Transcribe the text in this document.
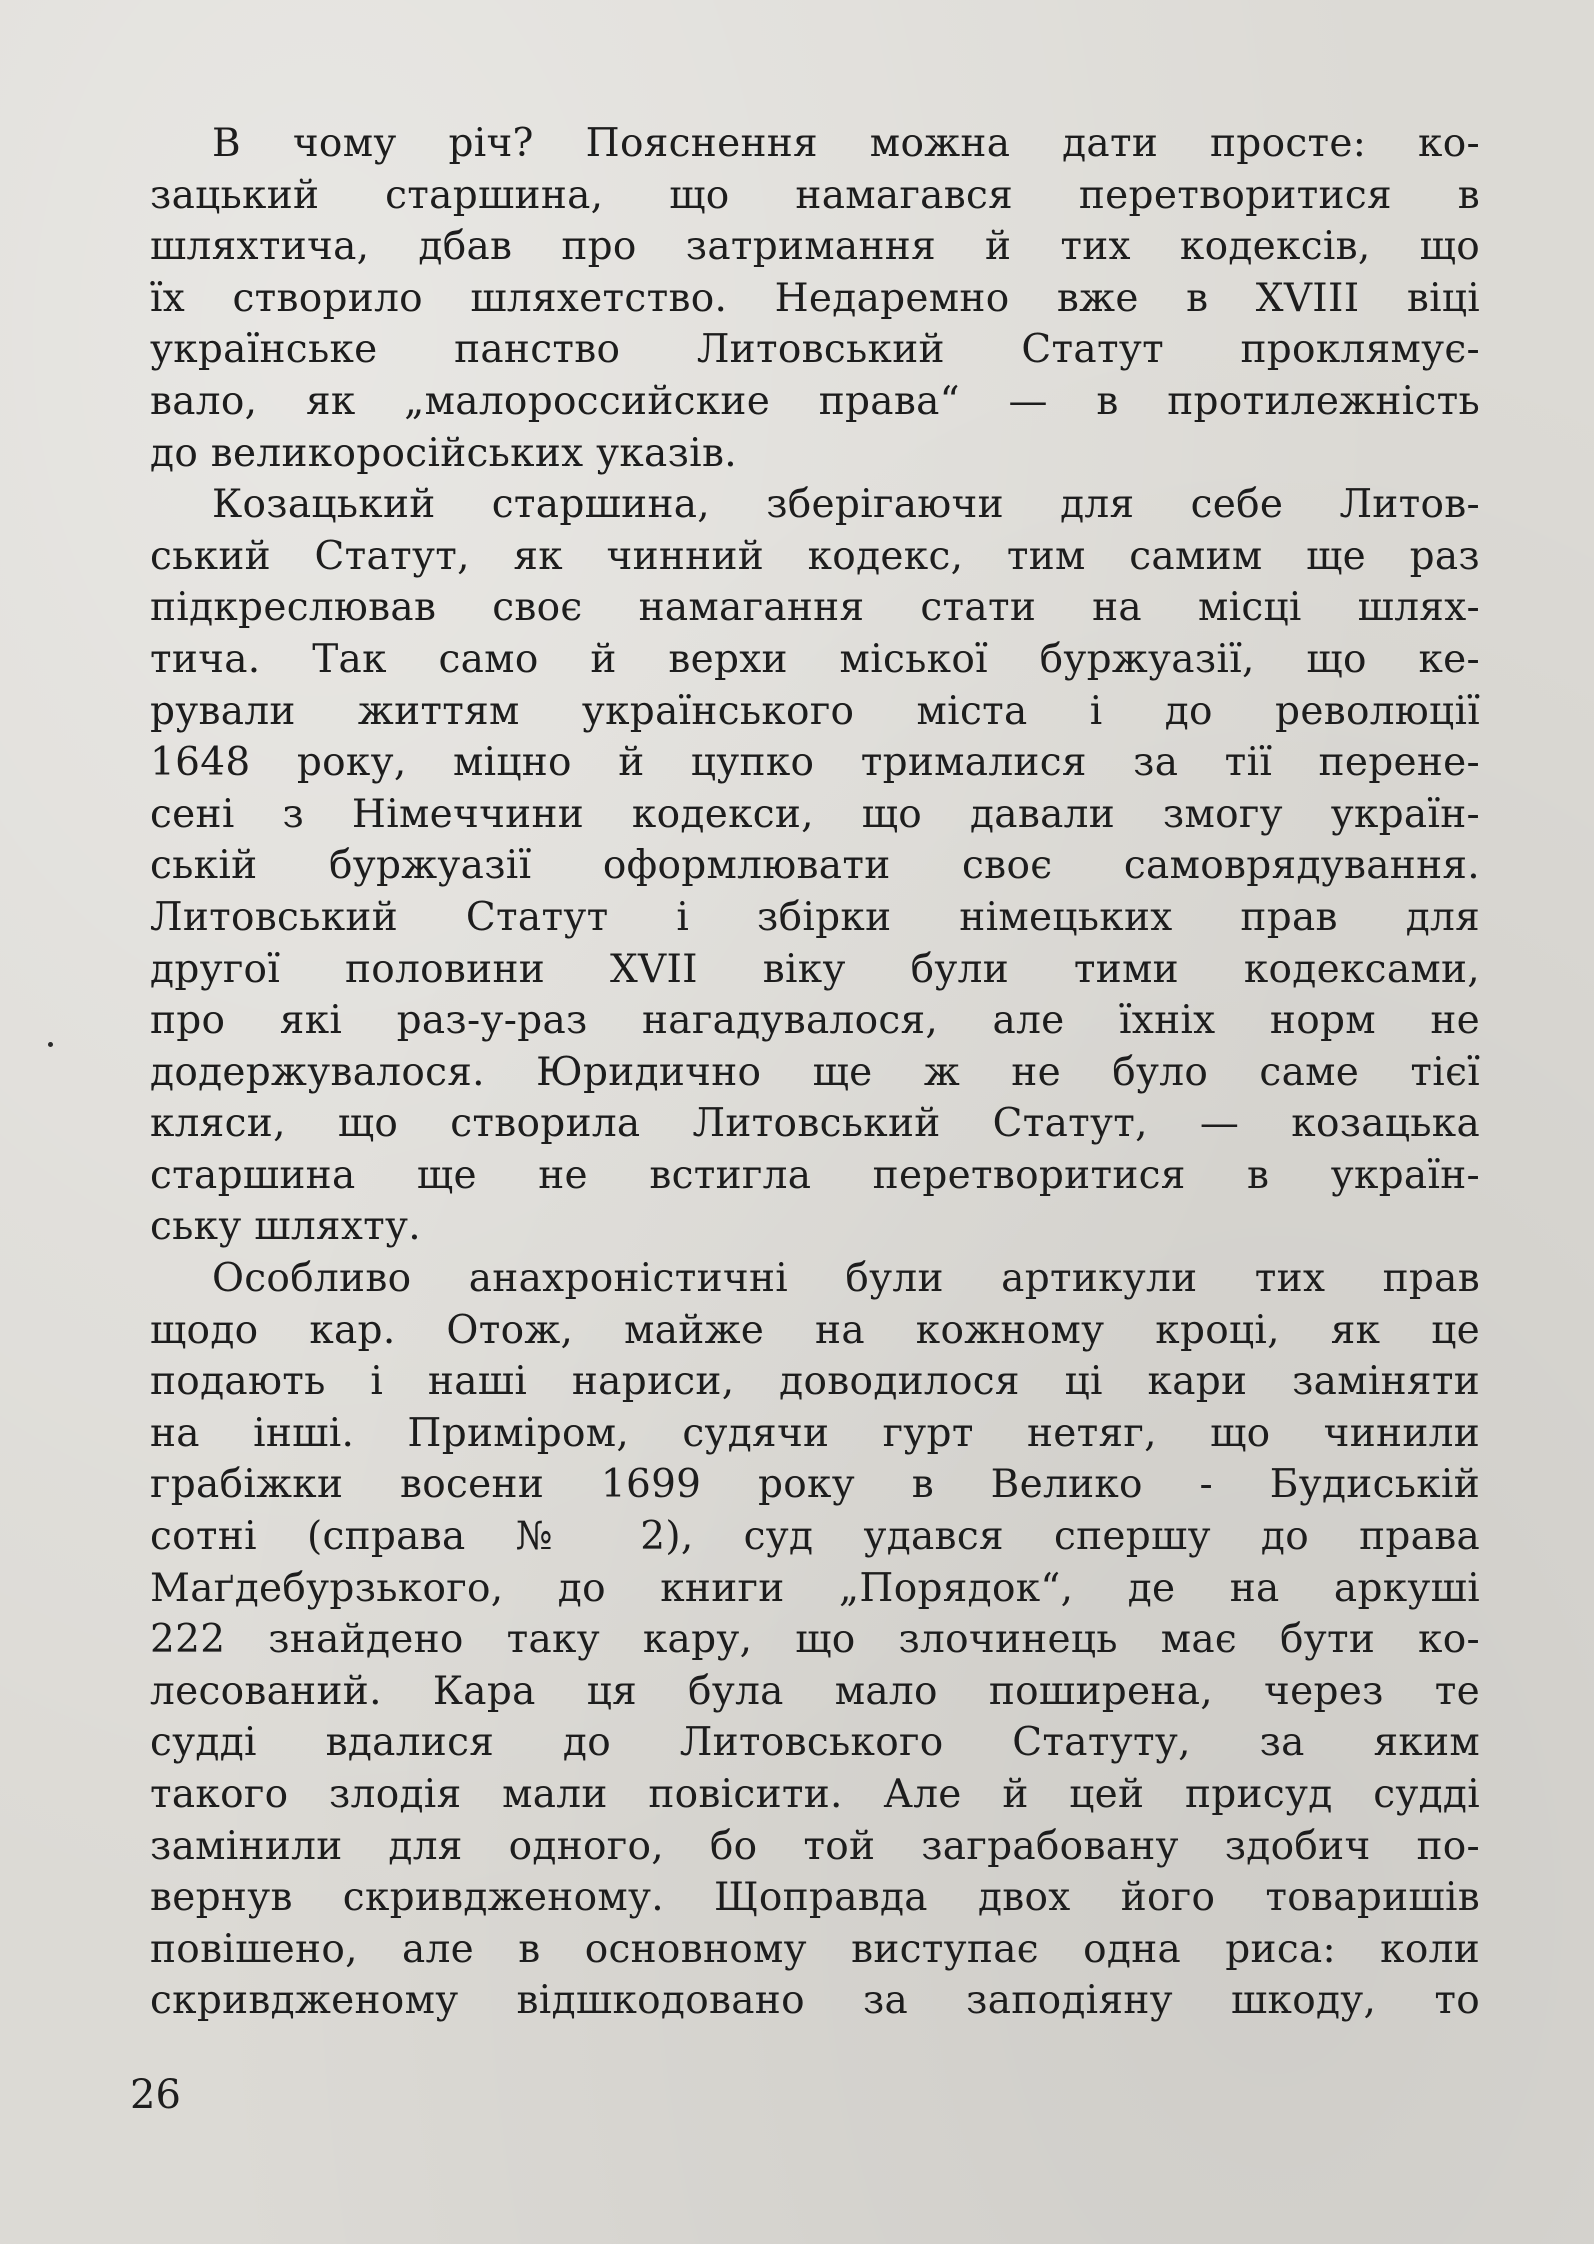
В чому річ? Пояснення можна дати просте: ко-
зацький старшина, що намагався перетворитися в
шляхтича, дбав про затримання й тих кодексів, що
їх створило шляхетство. Недаремно вже в XVIII віці
українське панство Литовський Статут проклямує-
вало, як „малороссийские права“ — в протилежність
до великоросійських указів.

Козацький старшина, зберігаючи для себе Литов-
ський Статут, як чинний кодекс, тим самим ще раз
підкреслював своє намагання стати на місці шлях-
тича. Так само й верхи міської буржуазії, що ке-
рували життям українського міста і до революції
1648 року, міцно й цупко трималися за тії перене-
сені з Німеччини кодекси, що давали змогу україн-
ській буржуазії оформлювати своє самоврядування.
Литовський Статут і збірки німецьких прав для
другої половини XVII віку були тими кодексами,
про які раз-у-раз нагадувалося, але їхніх норм не
додержувалося. Юридично ще ж не було саме тієї
кляси, що створила Литовський Статут, — козацька
старшина ще не встигла перетворитися в україн-
ську шляхту.

Особливо анахроністичні були артикули тих прав
щодо кар. Отож, майже на кожному кроці, як це
подають і наші нариси, доводилося ці кари заміняти
на інші. Приміром, судячи гурт нетяг, що чинили
грабіжки восени 1699 року в Велико - Будиській
сотні (справа № 2), суд удався спершу до права
Маґдебурзького, до книги „Порядок“, де на аркуші
222 знайдено таку кару, що злочинець має бути ко-
лесований. Кара ця була мало поширена, через те
судді вдалися до Литовського Статуту, за яким
такого злодія мали повісити. Але й цей присуд судді
замінили для одного, бо той заграбовану здобич по-
вернув скривдженому. Щоправда двох його товаришів
повішено, але в основному виступає одна риса: коли
скривдженому відшкодовано за заподіяну шкоду, то

26
